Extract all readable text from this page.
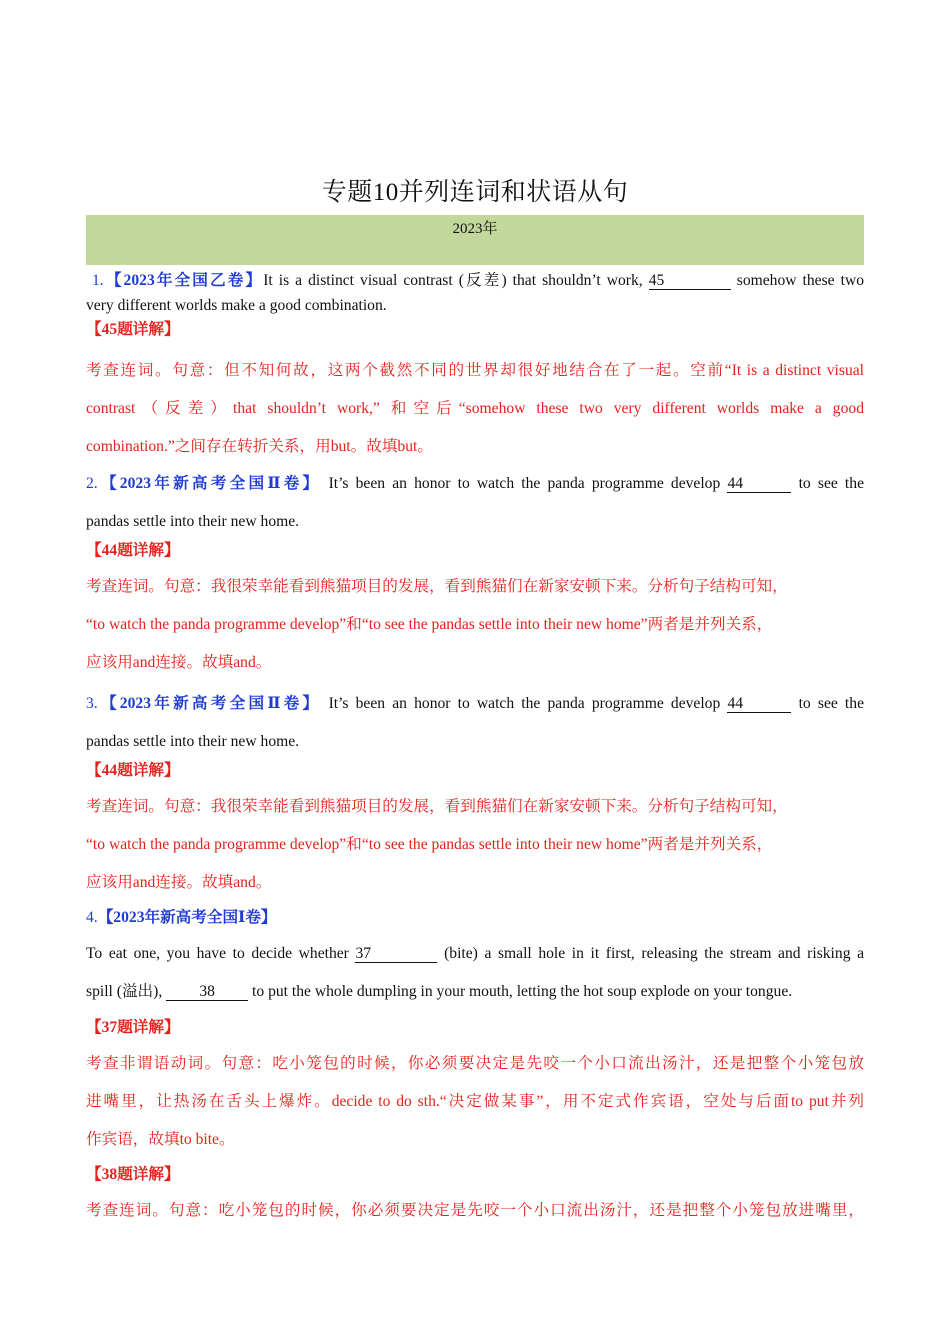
专题10并列连词和状语从句
2023年
1.【2023年全国乙卷】It is a distinct visual contrast (反差) that shouldn’t work, 45	somehow these two
very different worlds make a good combination.
【45题详解】
考查连词。句意：但不知何故，这两个截然不同的世界却很好地结合在了一起。空前“It is a distinct visual
contrast（反差）that shouldn’t work,” 和空后“somehow these two very different worlds make a good
combination.”之间存在转折关系，用but。故填but。
2.【2023年新高考全国Ⅱ卷】 It’s been an honor to watch the panda programme develop 44	to see the
pandas settle into their new home.
【44题详解】
考查连词。句意：我很荣幸能看到熊猫项目的发展，看到熊猫们在新家安顿下来。分析句子结构可知，
“to watch the panda programme develop”和“to see the pandas settle into their new home”两者是并列关系，
应该用and连接。故填and。
3.【2023年新高考全国Ⅱ卷】 It’s been an honor to watch the panda programme develop 44	to see the
pandas settle into their new home.
【44题详解】
考查连词。句意：我很荣幸能看到熊猫项目的发展，看到熊猫们在新家安顿下来。分析句子结构可知，
“to watch the panda programme develop”和“to see the pandas settle into their new home”两者是并列关系，
应该用and连接。故填and。
4.【2023年新高考全国Ⅰ卷】
To eat one, you have to decide whether 37	(bite) a small hole in it first, releasing the stream and risking a
spill (溢出), 38 to put the whole dumpling in your mouth, letting the hot soup explode on your tongue.
【37题详解】
考查非谓语动词。句意：吃小笼包的时候，你必须要决定是先咬一个小口流出汤汁，还是把整个小笼包放
进嘴里，让热汤在舌头上爆炸。decide to do sth.“决定做某事”，用不定式作宾语，空处与后面to put并列
作宾语，故填to bite。
【38题详解】
考查连词。句意：吃小笼包的时候，你必须要决定是先咬一个小口流出汤汁，还是把整个小笼包放进嘴里，
